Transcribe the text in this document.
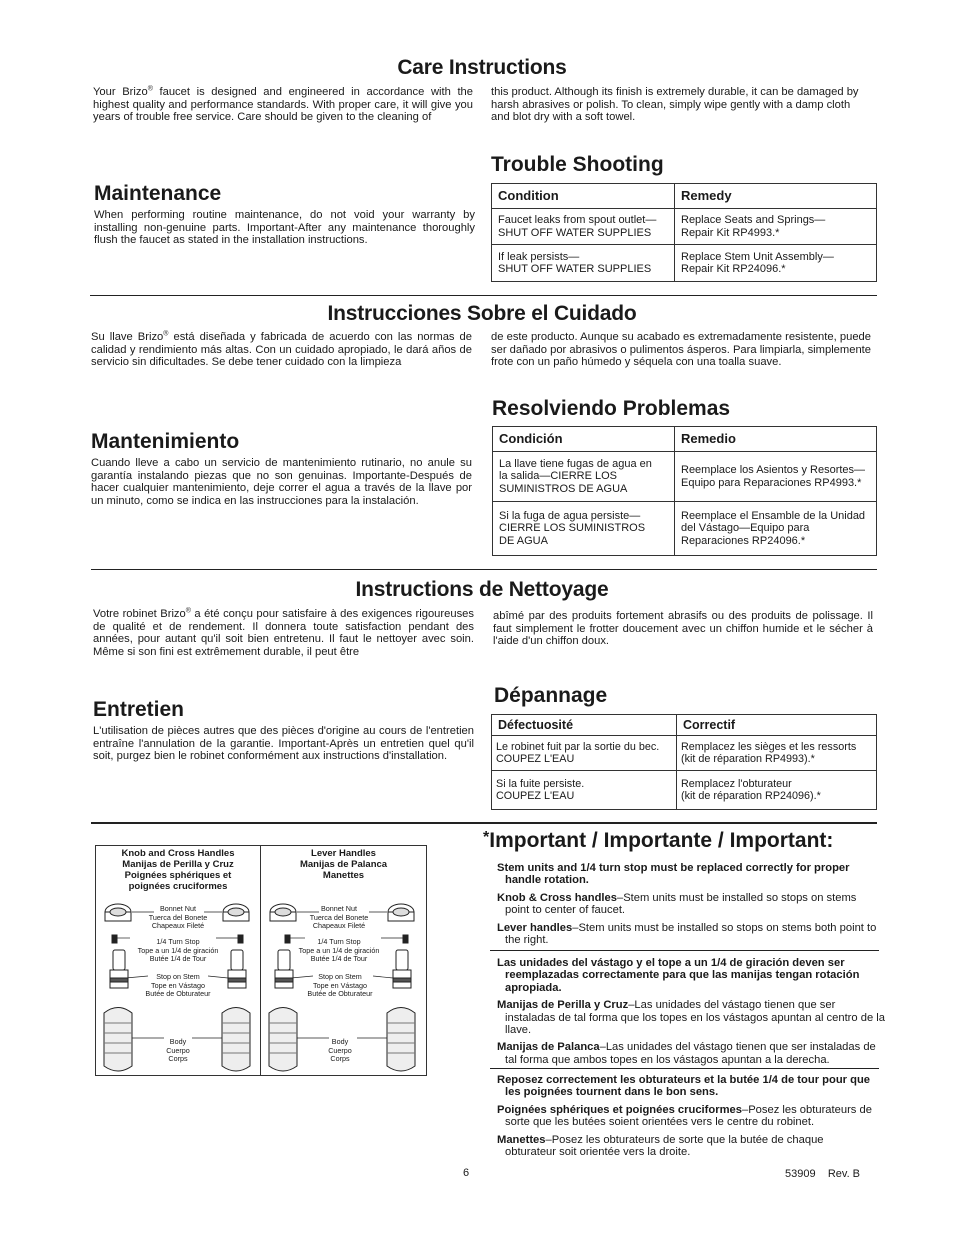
Care Instructions

Your Brizo® faucet is designed and engineered in accordance with the highest quality and performance standards. With proper care, it will give you years of trouble free service. Care should be given to the cleaning of

this product. Although its finish is extremely durable, it can be damaged by harsh abrasives or polish. To clean, simply wipe gently with a damp cloth and blot dry with a soft towel.

Trouble Shooting
Maintenance

When performing routine maintenance, do not void your warranty by installing non-genuine parts. Important-After any maintenance thoroughly flush the faucet as stated in the installation instructions.

Condition	Remedy
Faucet leaks from spout outlet—
SHUT OFF WATER SUPPLIES	Replace Seats and Springs—
Repair Kit RP4993.*
If leak persists—
SHUT OFF WATER SUPPLIES	Replace Stem Unit Assembly—
Repair Kit RP24096.*
Instrucciones Sobre el Cuidado

Su llave Brizo® está diseñada y fabricada de acuerdo con las normas de calidad y rendimiento más altas. Con un cuidado apropiado, le dará años de servicio sin dificultades. Se debe tener cuidado con la limpieza

de este producto. Aunque su acabado es extremadamente resistente, puede ser dañado por abrasivos o pulimentos ásperos. Para limpiarla, simplemente frote con un paño húmedo y séquela con una toalla suave.

Resolviendo Problemas
Mantenimiento

Cuando lleve a cabo un servicio de mantenimiento rutinario, no anule su garantía instalando piezas que no son genuinas. Importante-Después de hacer cualquier mantenimiento, deje correr el agua a través de la llave por un minuto, como se indica en las instrucciones para la instalación.

Condición	Remedio
La llave tiene fugas de agua en
la salida—CIERRE LOS
SUMINISTROS DE AGUA	Reemplace los Asientos y Resortes—
Equipo para Reparaciones RP4993.*
Si la fuga de agua persiste—
CIERRE LOS SUMINISTROS
DE AGUA	Reemplace el Ensamble de la Unidad
del Vástago—Equipo para
Reparaciones RP24096.*
Instructions de Nettoyage

Votre robinet Brizo® a été conçu pour satisfaire à des exigences rigoureuses de qualité et de rendement. Il donnera toute satisfaction pendant des années, pour autant qu'il soit bien entretenu. Il faut le nettoyer avec soin. Même si son fini est extrêmement durable, il peut être

abîmé par des produits fortement abrasifs ou des produits de polissage. Il faut simplement le frotter doucement avec un chiffon humide et le sécher à l'aide d'un chiffon doux.

Dépannage
Entretien

L'utilisation de pièces autres que des pièces d'origine au cours de l'entretien entraîne l'annulation de la garantie. Important-Après un entretien quel qu'il soit, purgez bien le robinet conformément aux instructions d'installation.

Défectuosité	Correctif
Le robinet fuit par la sortie du bec.
COUPEZ L'EAU	Remplacez les sièges et les ressorts
(kit de réparation RP4993).*
Si la fuite persiste.
COUPEZ L'EAU	Remplacez l'obturateur
(kit de réparation RP24096).*
Knob and Cross Handles
Manijas de Perilla y Cruz
Poignées sphériques et
poignées cruciformes
Lever Handles
Manijas de Palanca
Manettes
Bonnet Nut
Tuerca del Bonete
Chapeaux Fileté
1/4 Turn Stop
Tope a un 1/4 de giración
Butée 1/4 de Tour
Stop on Stem
Tope en Vástago
Butée de Obturateur
Body
Cuerpo
Corps
Bonnet Nut
Tuerca del Bonete
Chapeaux Fileté
1/4 Turn Stop
Tope a un 1/4 de giración
Butée 1/4 de Tour
Stop on Stem
Tope en Vástago
Butée de Obturateur
Body
Cuerpo
Corps
*Important / Importante / Important:

Stem units and 1/4 turn stop must be replaced correctly for proper handle rotation.

Knob & Cross handles–Stem units must be installed so stops on stems point to center of faucet.

Lever handles–Stem units must be installed so stops on stems both point to the right.

Las unidades del vástago y el tope a un 1/4 de giración deven ser reemplazadas correctamente para que las manijas tengan rotación apropiada.

Manijas de Perilla y Cruz–Las unidades del vástago tienen que ser instaladas de tal forma que los topes en los vástagos apuntan al centro de la llave.

Manijas de Palanca–Las unidades del vástago tienen que ser instaladas de tal forma que ambos topes en los vástagos apuntan a la derecha.

Reposez correctement les obturateurs et la butée 1/4 de tour pour que les poignées tournent dans le bon sens.

Poignées sphériques et poignées cruciformes–Posez les obturateurs de sorte que les butées soient orientées vers le centre du robinet.

Manettes–Posez les obturateurs de sorte que la butée de chaque obturateur soit orientée vers la droite.

6	53909 Rev. B
